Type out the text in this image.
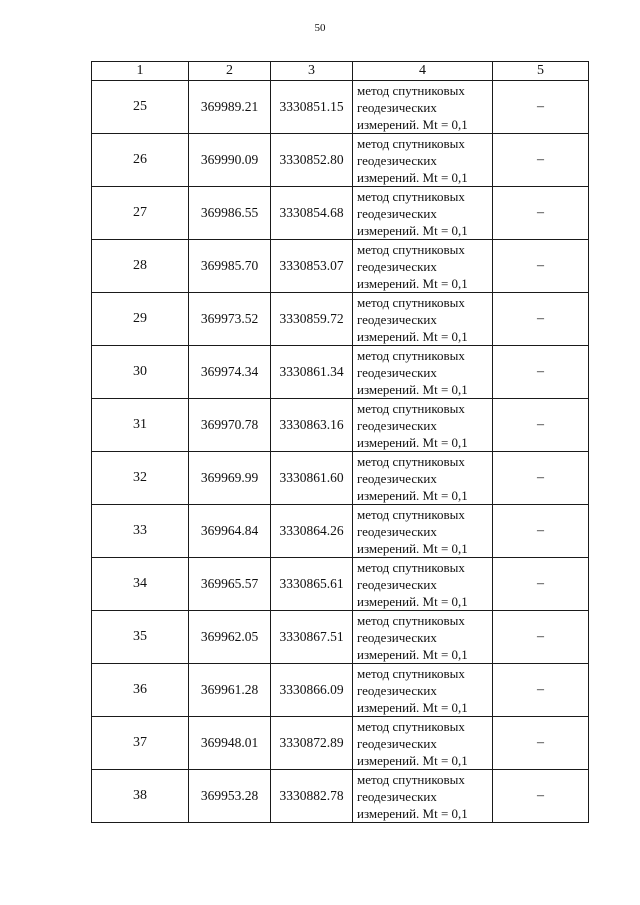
50
1	2	3	4	5
25	369989.21	3330851.15	метод спутниковых
геодезических
измерений. Mt = 0,1	–
26	369990.09	3330852.80	метод спутниковых
геодезических
измерений. Mt = 0,1	–
27	369986.55	3330854.68	метод спутниковых
геодезических
измерений. Mt = 0,1	–
28	369985.70	3330853.07	метод спутниковых
геодезических
измерений. Mt = 0,1	–
29	369973.52	3330859.72	метод спутниковых
геодезических
измерений. Mt = 0,1	–
30	369974.34	3330861.34	метод спутниковых
геодезических
измерений. Mt = 0,1	–
31	369970.78	3330863.16	метод спутниковых
геодезических
измерений. Mt = 0,1	–
32	369969.99	3330861.60	метод спутниковых
геодезических
измерений. Mt = 0,1	–
33	369964.84	3330864.26	метод спутниковых
геодезических
измерений. Mt = 0,1	–
34	369965.57	3330865.61	метод спутниковых
геодезических
измерений. Mt = 0,1	–
35	369962.05	3330867.51	метод спутниковых
геодезических
измерений. Mt = 0,1	–
36	369961.28	3330866.09	метод спутниковых
геодезических
измерений. Mt = 0,1	–
37	369948.01	3330872.89	метод спутниковых
геодезических
измерений. Mt = 0,1	–
38	369953.28	3330882.78	метод спутниковых
геодезических
измерений. Mt = 0,1	–
